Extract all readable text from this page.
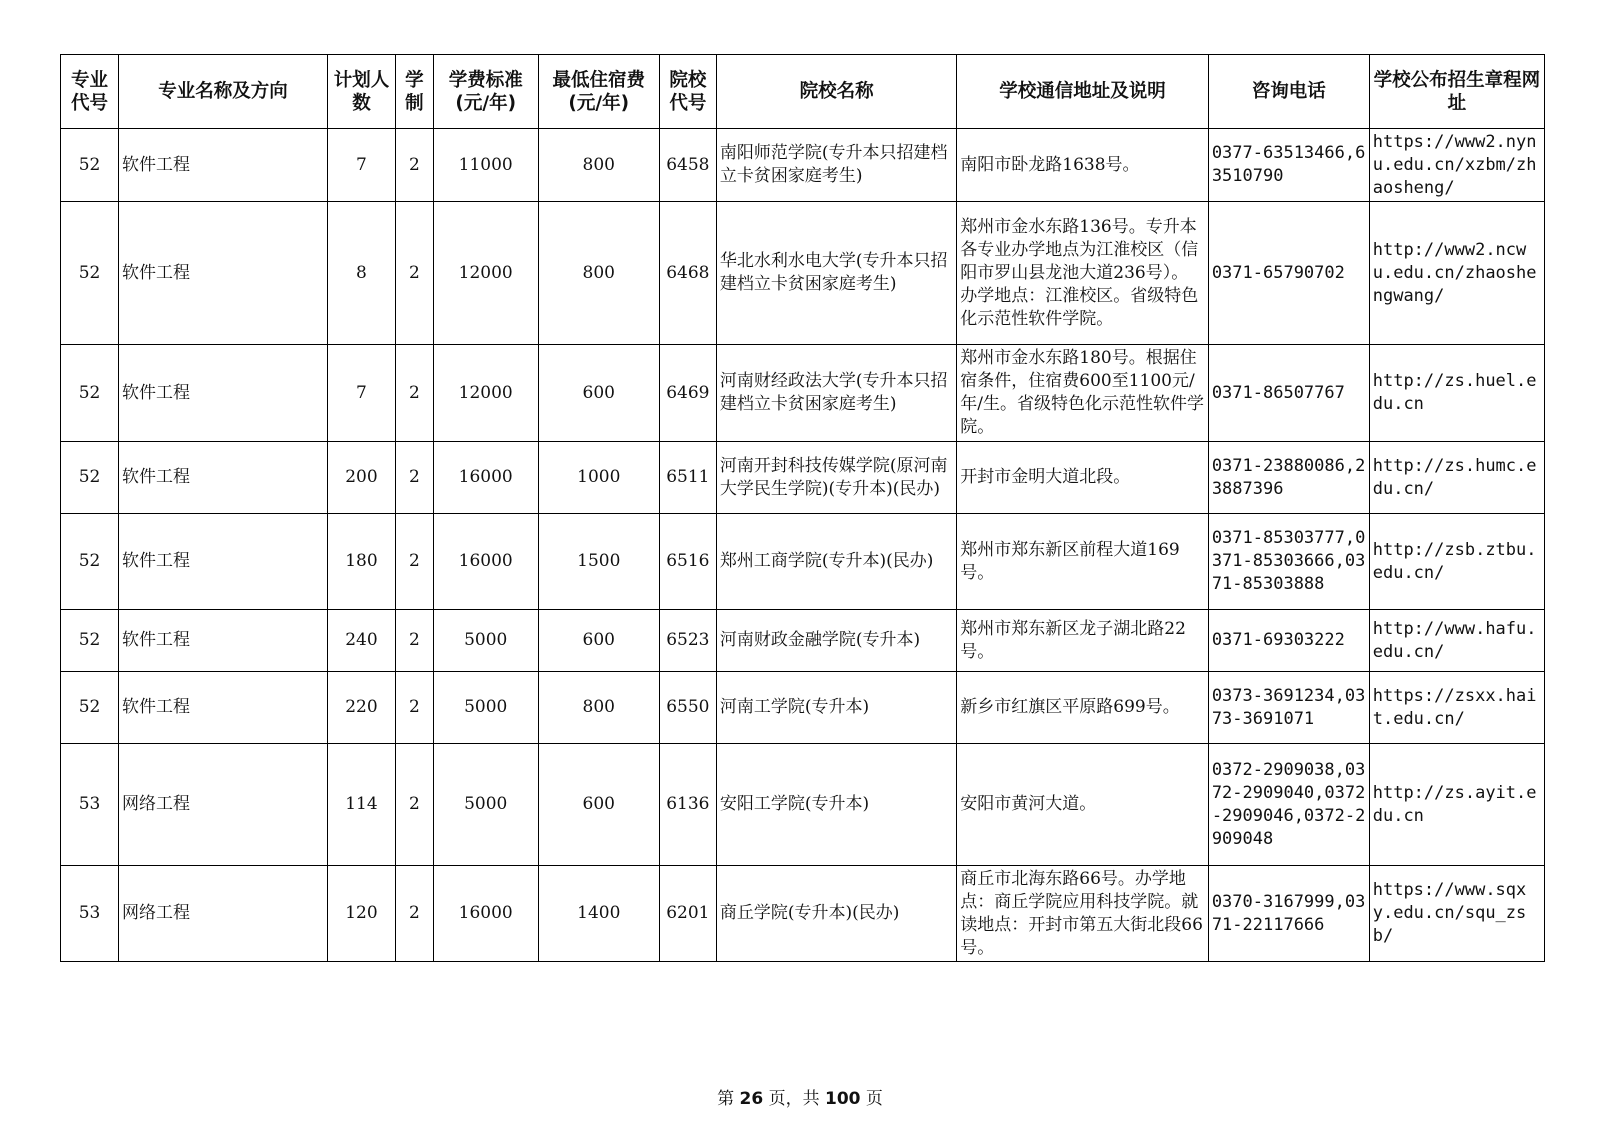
专业代号	专业名称及方向	计划人数	学制	学费标准(元/年)	最低住宿费(元/年)	院校代号	院校名称	学校通信地址及说明	咨询电话	学校公布招生章程网址
52	软件工程	7	2	11000	800	6458	南阳师范学院(专升本只招建档立卡贫困家庭考生)	南阳市卧龙路1638号。	0377-63513466,63510790	https://www2.nynu.edu.cn/xzbm/zhaosheng/
52	软件工程	8	2	12000	800	6468	华北水利水电大学(专升本只招建档立卡贫困家庭考生)	郑州市金水东路136号。专升本各专业办学地点为江淮校区（信阳市罗山县龙池大道236号）。办学地点：江淮校区。省级特色化示范性软件学院。	0371-65790702	http://www2.ncwu.edu.cn/zhaoshengwang/
52	软件工程	7	2	12000	600	6469	河南财经政法大学(专升本只招建档立卡贫困家庭考生)	郑州市金水东路180号。根据住宿条件，住宿费600至1100元/年/生。省级特色化示范性软件学院。	0371-86507767	http://zs.huel.edu.cn
52	软件工程	200	2	16000	1000	6511	河南开封科技传媒学院(原河南大学民生学院)(专升本)(民办)	开封市金明大道北段。	0371-23880086,23887396	http://zs.humc.edu.cn/
52	软件工程	180	2	16000	1500	6516	郑州工商学院(专升本)(民办)	郑州市郑东新区前程大道169号。	0371-85303777,0371-85303666,0371-85303888	http://zsb.ztbu.edu.cn/
52	软件工程	240	2	5000	600	6523	河南财政金融学院(专升本)	郑州市郑东新区龙子湖北路22号。	0371-69303222	http://www.hafu.edu.cn/
52	软件工程	220	2	5000	800	6550	河南工学院(专升本)	新乡市红旗区平原路699号。	0373-3691234,0373-3691071	https://zsxx.hait.edu.cn/
53	网络工程	114	2	5000	600	6136	安阳工学院(专升本)	安阳市黄河大道。	0372-2909038,0372-2909040,0372-2909046,0372-2909048	http://zs.ayit.edu.cn
53	网络工程	120	2	16000	1400	6201	商丘学院(专升本)(民办)	商丘市北海东路66号。办学地点：商丘学院应用科技学院。就读地点：开封市第五大街北段66号。	0370-3167999,0371-22117666	https://www.sqxy.edu.cn/squ_zsb/
第 26 页，共 100 页
